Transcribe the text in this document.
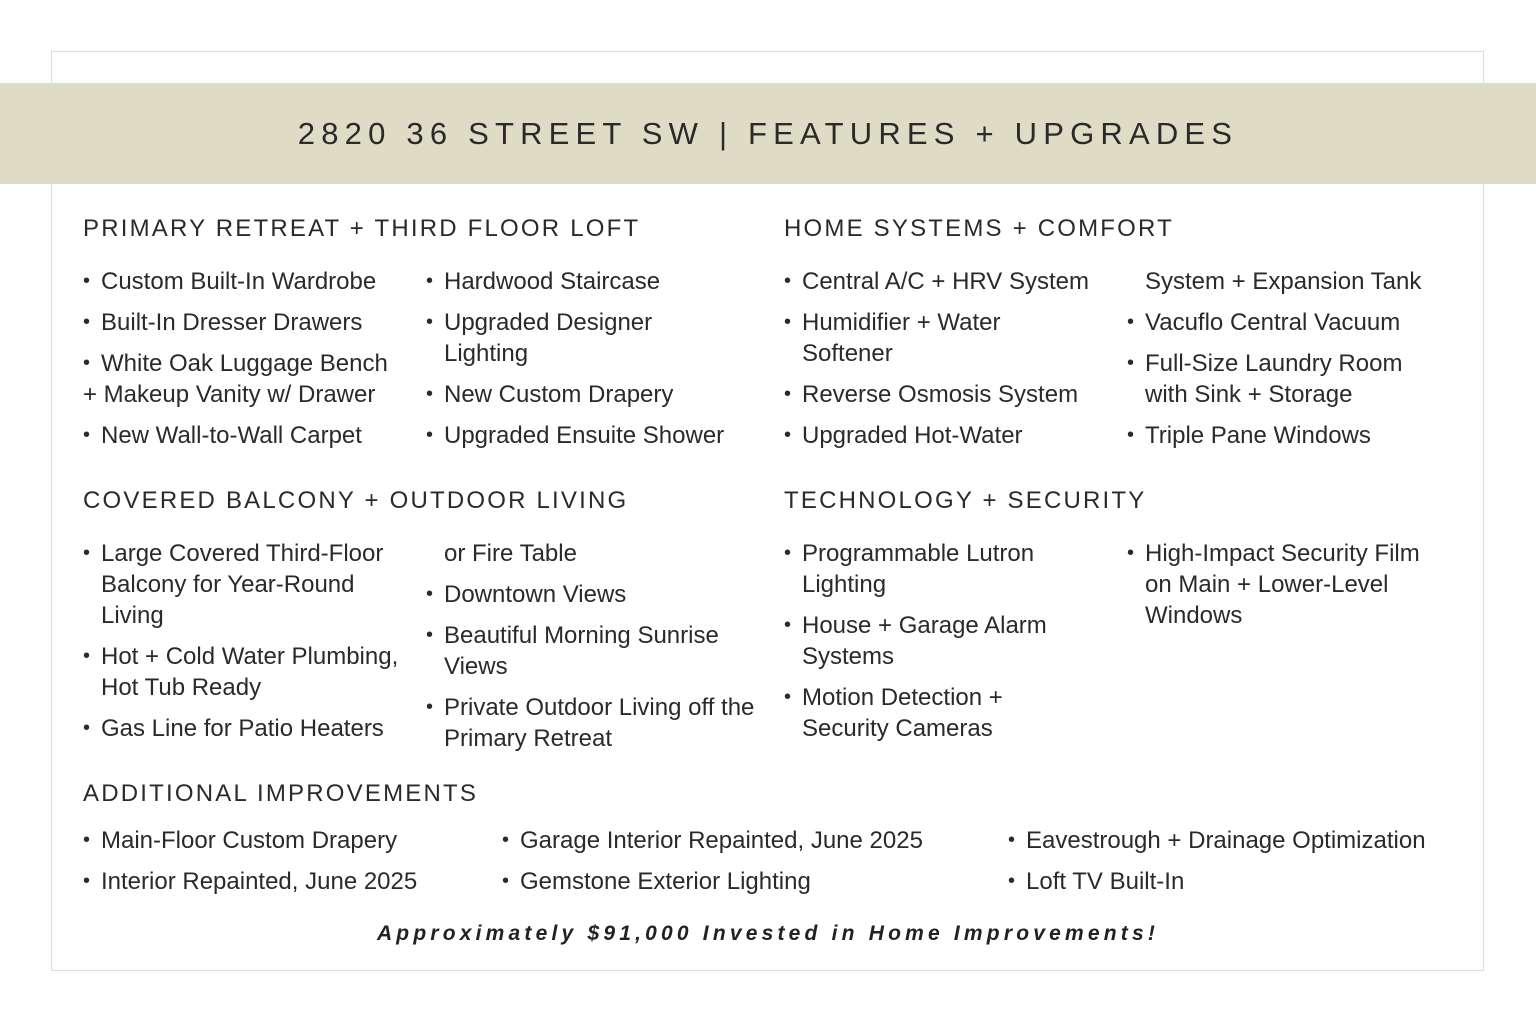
2820 36 STREET SW | FEATURES + UPGRADES
PRIMARY RETREAT + THIRD FLOOR LOFT
• Custom Built-In Wardrobe
• Built-In Dresser Drawers
• White Oak Luggage Bench
+ Makeup Vanity w/ Drawer
• New Wall-to-Wall Carpet
• Hardwood Staircase
• Upgraded Designer Lighting
• New Custom Drapery
• Upgraded Ensuite Shower
HOME SYSTEMS + COMFORT
• Central A/C + HRV System
• Humidifier + Water Softener
• Reverse Osmosis System
• Upgraded Hot-Water
System + Expansion Tank
• Vacuflo Central Vacuum
• Full-Size Laundry Room with Sink + Storage
• Triple Pane Windows
COVERED BALCONY + OUTDOOR LIVING
• Large Covered Third-Floor Balcony for Year-Round Living
• Hot + Cold Water Plumbing, Hot Tub Ready
• Gas Line for Patio Heaters
or Fire Table
• Downtown Views
• Beautiful Morning Sunrise Views
• Private Outdoor Living off the Primary Retreat
TECHNOLOGY + SECURITY
• Programmable Lutron Lighting
• House + Garage Alarm Systems
• Motion Detection + Security Cameras
• High-Impact Security Film on Main + Lower-Level Windows
ADDITIONAL IMPROVEMENTS
• Main-Floor Custom Drapery
• Interior Repainted, June 2025
• Garage Interior Repainted, June 2025
• Gemstone Exterior Lighting
• Eavestrough + Drainage Optimization
• Loft TV Built-In
Approximately $91,000 Invested in Home Improvements!
